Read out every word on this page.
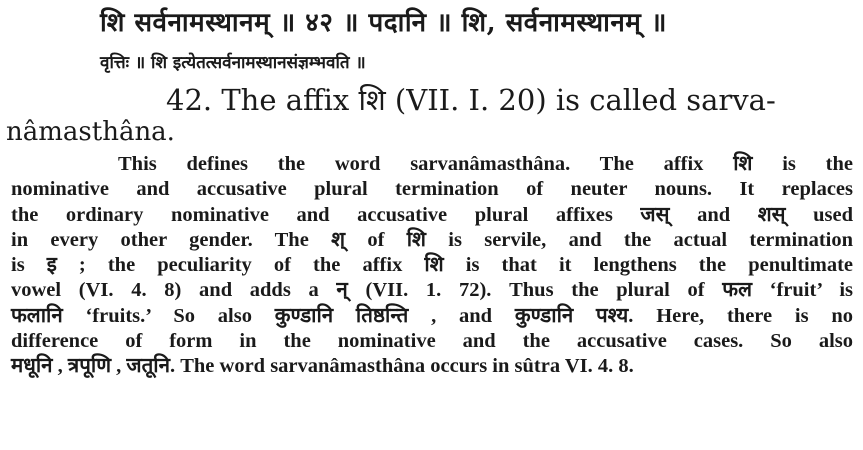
शि सर्वनामस्थानम् ॥ ४२ ॥ पदानि ॥ शि, सर्वनामस्थानम् ॥
वृत्तिः ॥ शि इत्येतत्सर्वनामस्थानसंज्ञम्भवति ॥
42. The affix शि (VII. I. 20) is called sarva-
nâmasthâna.
This defines the word sarvanâmasthâna. The affix शि is the
nominative and accusative plural termination of neuter nouns. It replaces
the ordinary nominative and accusative plural affixes जस् and शस् used
in every other gender. The श् of शि is servile, and the actual termination
is इ ; the peculiarity of the affix शि is that it lengthens the penultimate
vowel (VI. 4. 8) and adds a न् (VII. 1. 72). Thus the plural of फल ‘fruit’ is
फलानि ‘fruits.’ So also कुण्डानि तिष्ठन्ति , and कुण्डानि पश्य. Here, there is no
difference of form in the nominative and the accusative cases. So also
मधूनि , त्रपूणि , जतूनि. The word sarvanâmasthâna occurs in sûtra VI. 4. 8.
